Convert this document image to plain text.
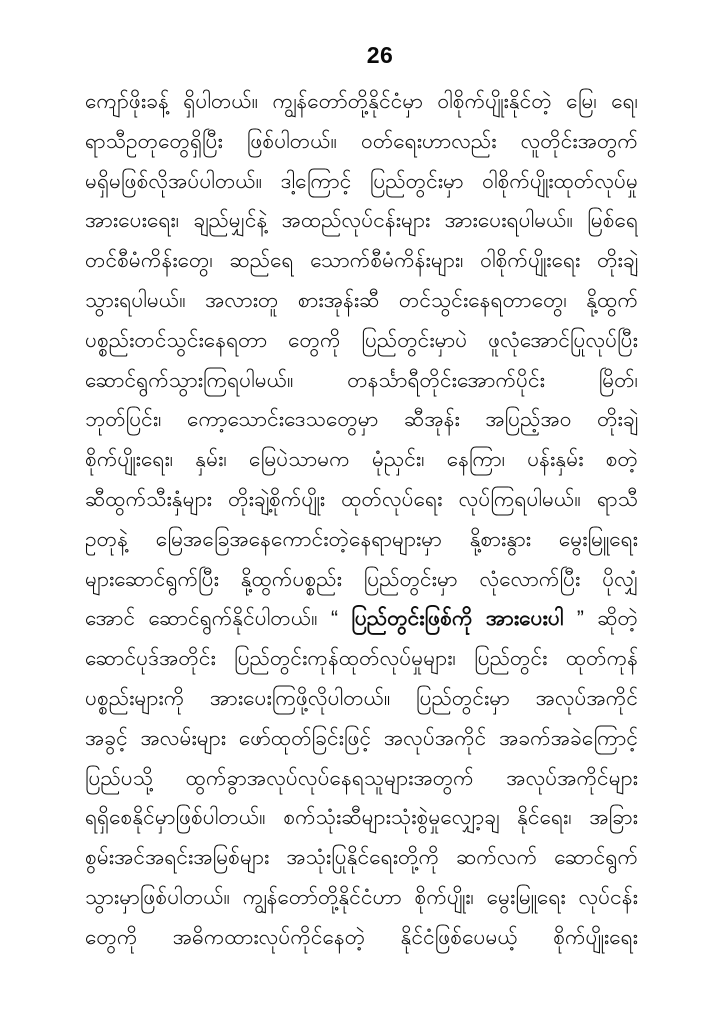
26
ကျော်ဖိုးခန့် ရှိပါတယ်။ ကျွန်တော်တို့နိုင်ငံမှာ ဝါစိုက်ပျိုးနိုင်တဲ့ မြေ၊ ရေ၊
ရာသီဥတုတွေရှိပြီး ဖြစ်ပါတယ်။ ဝတ်ရေးဟာလည်း လူတိုင်းအတွက်
မရှိမဖြစ်လိုအပ်ပါတယ်။ ဒါ့ကြောင့် ပြည်တွင်းမှာ ဝါစိုက်ပျိုးထုတ်လုပ်မှု
အားပေးရေး၊ ချည်မျှင်နဲ့ အထည်လုပ်ငန်းများ အားပေးရပါမယ်။ မြစ်ရေ
တင်စီမံကိန်းတွေ၊ ဆည်ရေ သောက်စီမံကိန်းများ၊ ဝါစိုက်ပျိုးရေး တိုးချဲ့
သွားရပါမယ်။ အလားတူ စားအုန်းဆီ တင်သွင်းနေရတာတွေ၊ နို့ထွက်
ပစ္စည်းတင်သွင်းနေရတာ တွေကို ပြည်တွင်းမှာပဲ ဖူလုံအောင်ပြုလုပ်ပြီး
ဆောင်ရွက်သွားကြရပါမယ်။ တနင်္သာရီတိုင်းအောက်ပိုင်း မြိတ်၊
ဘုတ်ပြင်း၊ ကော့သောင်းဒေသတွေမှာ ဆီအုန်း အပြည့်အဝ တိုးချဲ့
စိုက်ပျိုးရေး၊ နှမ်း၊ မြေပဲသာမက မုံညှင်း၊ နေကြာ၊ ပန်းနှမ်း စတဲ့
ဆီထွက်သီးနှံများ တိုးချဲ့စိုက်ပျိုး ထုတ်လုပ်ရေး လုပ်ကြရပါမယ်။ ရာသီ
ဥတုနဲ့ မြေအခြေအနေကောင်းတဲ့နေရာများမှာ နို့စားနွား မွေးမြူရေး
များဆောင်ရွက်ပြီး နို့ထွက်ပစ္စည်း ပြည်တွင်းမှာ လုံလောက်ပြီး ပိုလျှံ
အောင် ဆောင်ရွက်နိုင်ပါတယ်။ “ ပြည်တွင်းဖြစ်ကို အားပေးပါ ” ဆိုတဲ့
ဆောင်ပုဒ်အတိုင်း ပြည်တွင်းကုန်ထုတ်လုပ်မှုများ၊ ပြည်တွင်း ထုတ်ကုန်
ပစ္စည်းများကို အားပေးကြဖို့လိုပါတယ်။ ပြည်တွင်းမှာ အလုပ်အကိုင်
အခွင့် အလမ်းများ ဖော်ထုတ်ခြင်းဖြင့် အလုပ်အကိုင် အခက်အခဲကြောင့်
ပြည်ပသို့ ထွက်ခွာအလုပ်လုပ်နေရသူများအတွက် အလုပ်အကိုင်များ
ရရှိစေနိုင်မှာဖြစ်ပါတယ်။ စက်သုံးဆီများသုံးစွဲမှုလျှော့ချ နိုင်ရေး၊ အခြား
စွမ်းအင်အရင်းအမြစ်များ အသုံးပြုနိုင်ရေးတို့ကို ဆက်လက် ဆောင်ရွက်
သွားမှာဖြစ်ပါတယ်။ ကျွန်တော်တို့နိုင်ငံဟာ စိုက်ပျိုး၊ မွေးမြူရေး လုပ်ငန်း
တွေကို အဓိကထားလုပ်ကိုင်နေတဲ့ နိုင်ငံဖြစ်ပေမယ့် စိုက်ပျိုးရေး
